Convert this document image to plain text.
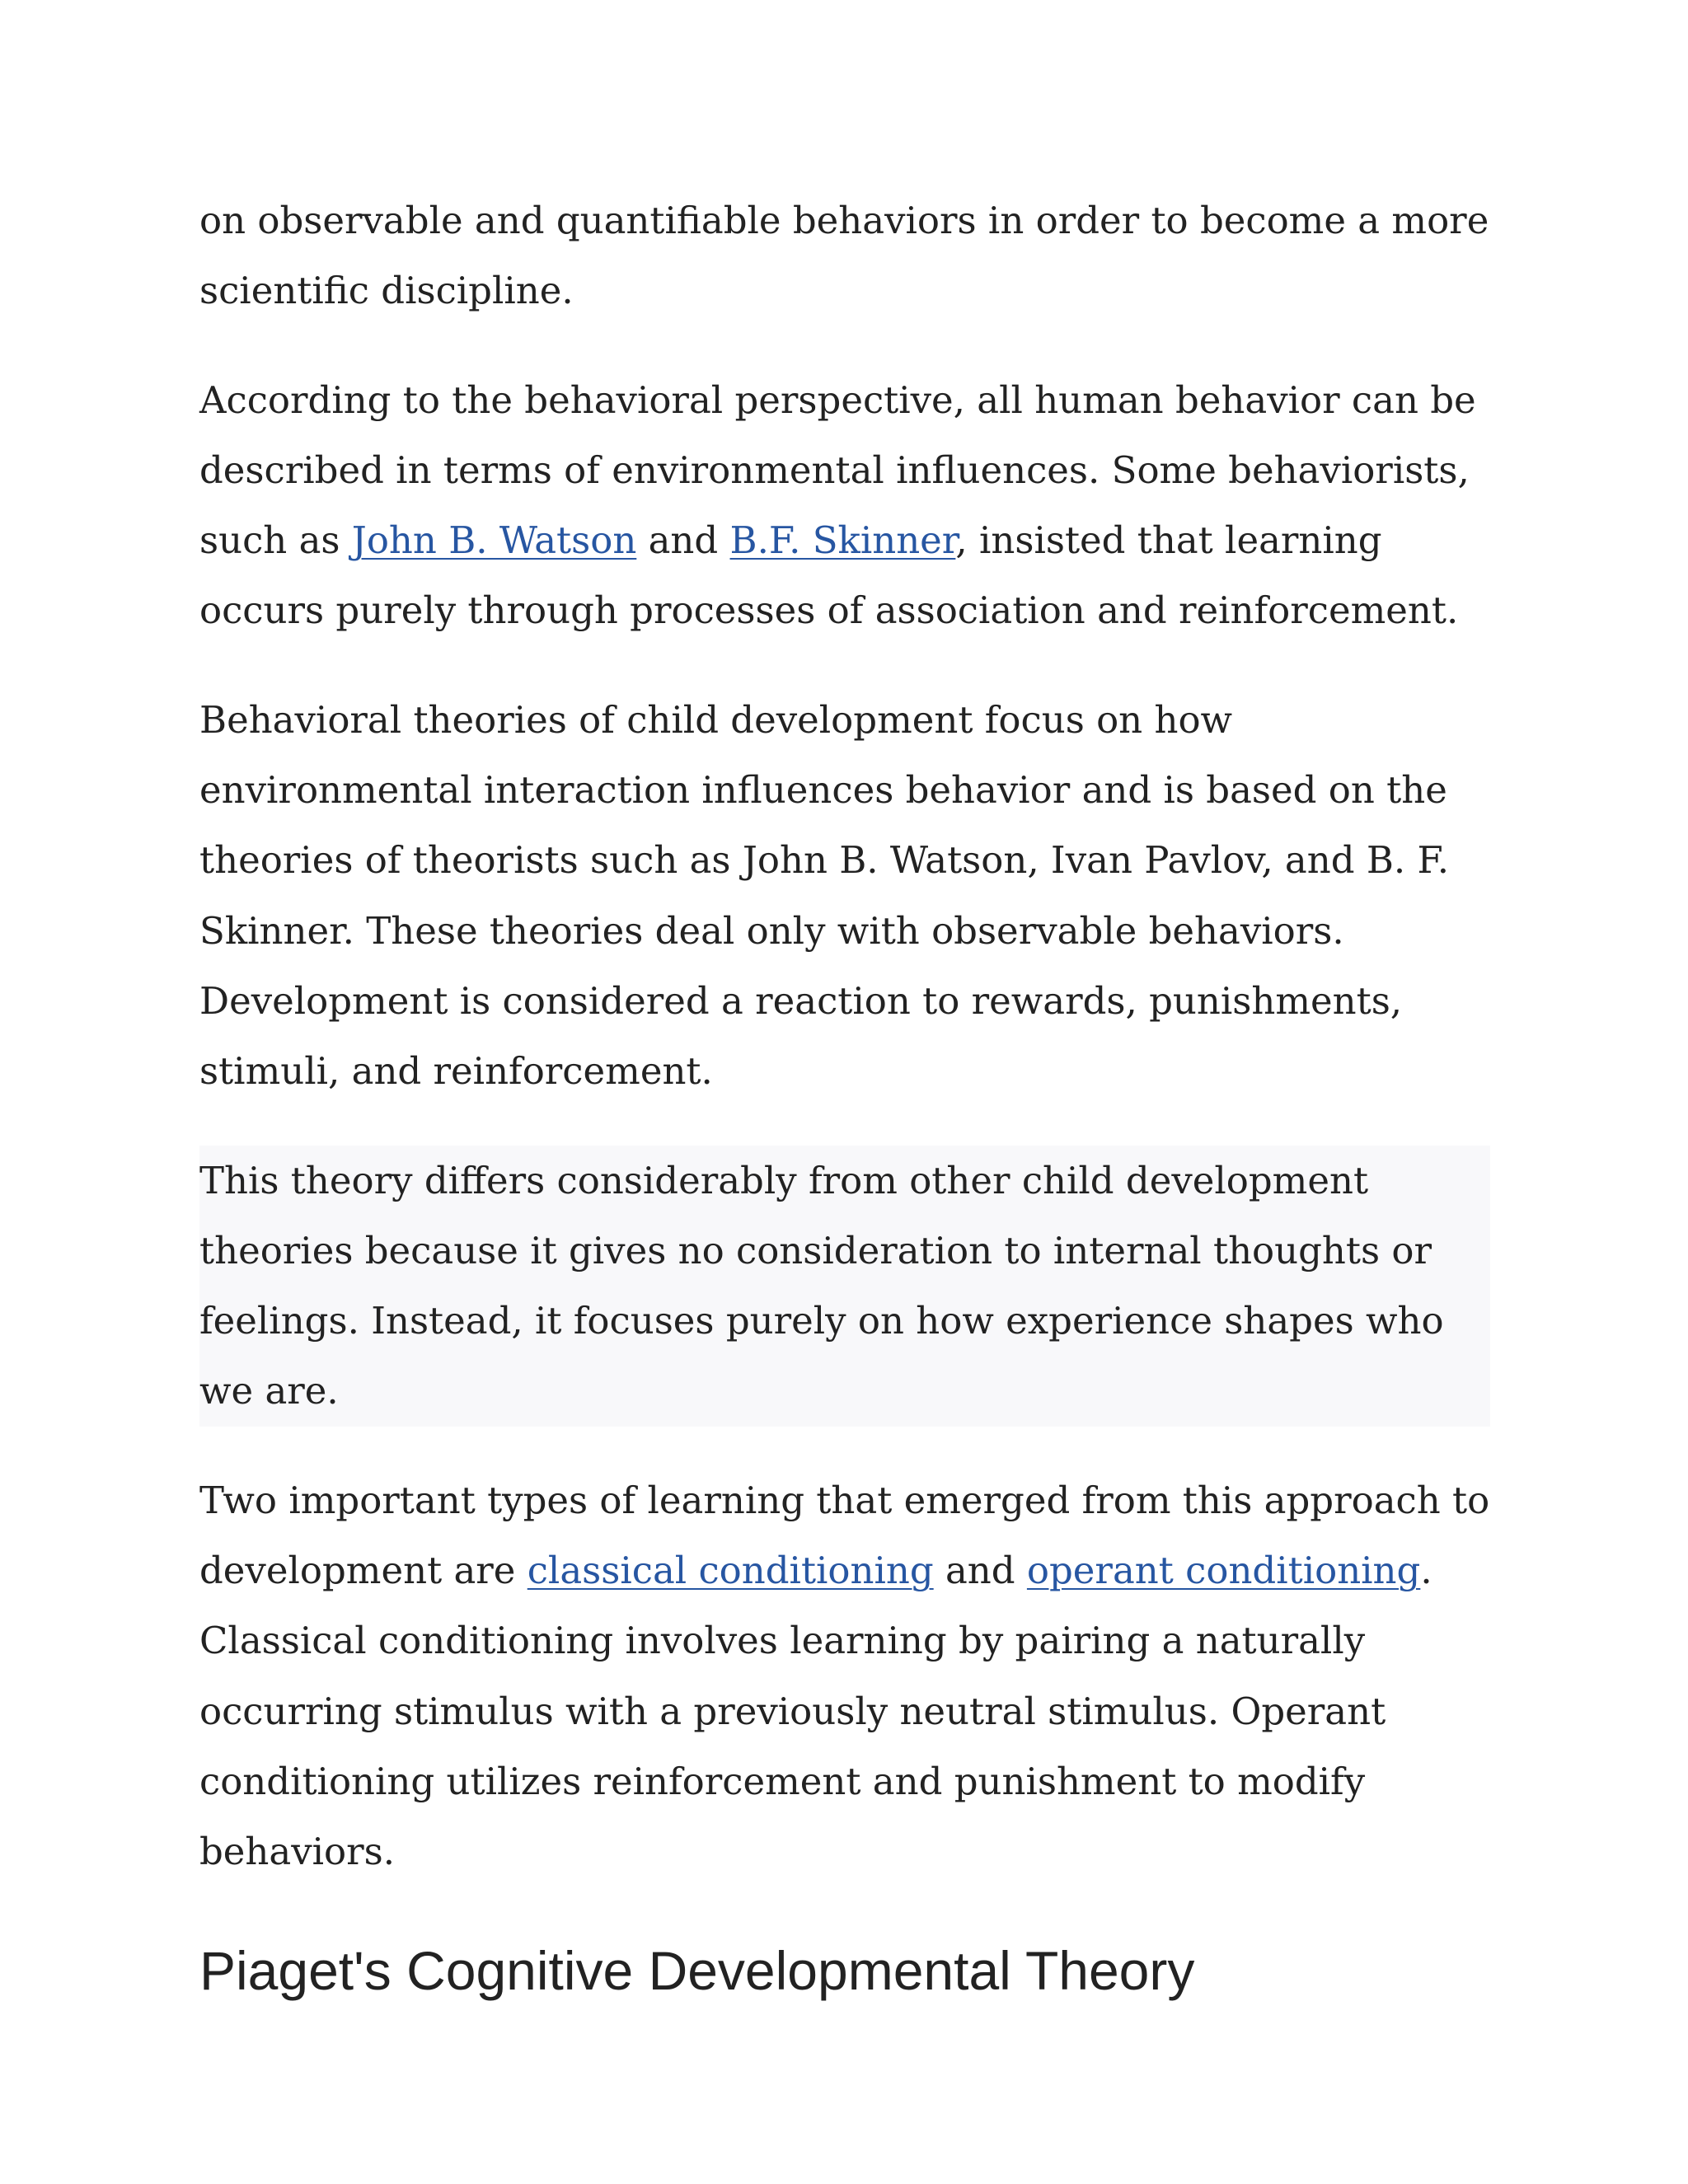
on observable and quantifiable behaviors in order to become a more scientific discipline.

According to the behavioral perspective, all human behavior can be described in terms of environmental influences. Some behaviorists, such as John B. Watson and B.F. Skinner, insisted that learning occurs purely through processes of association and reinforcement.

Behavioral theories of child development focus on how environmental interaction influences behavior and is based on the theories of theorists such as John B. Watson, Ivan Pavlov, and B. F. Skinner. These theories deal only with observable behaviors. Development is considered a reaction to rewards, punishments, stimuli, and reinforcement.

This theory differs considerably from other child development theories because it gives no consideration to internal thoughts or feelings. Instead, it focuses purely on how experience shapes who we are.

Two important types of learning that emerged from this approach to development are classical conditioning and operant conditioning. Classical conditioning involves learning by pairing a naturally occurring stimulus with a previously neutral stimulus. Operant conditioning utilizes reinforcement and punishment to modify behaviors.

Piaget's Cognitive Developmental Theory
